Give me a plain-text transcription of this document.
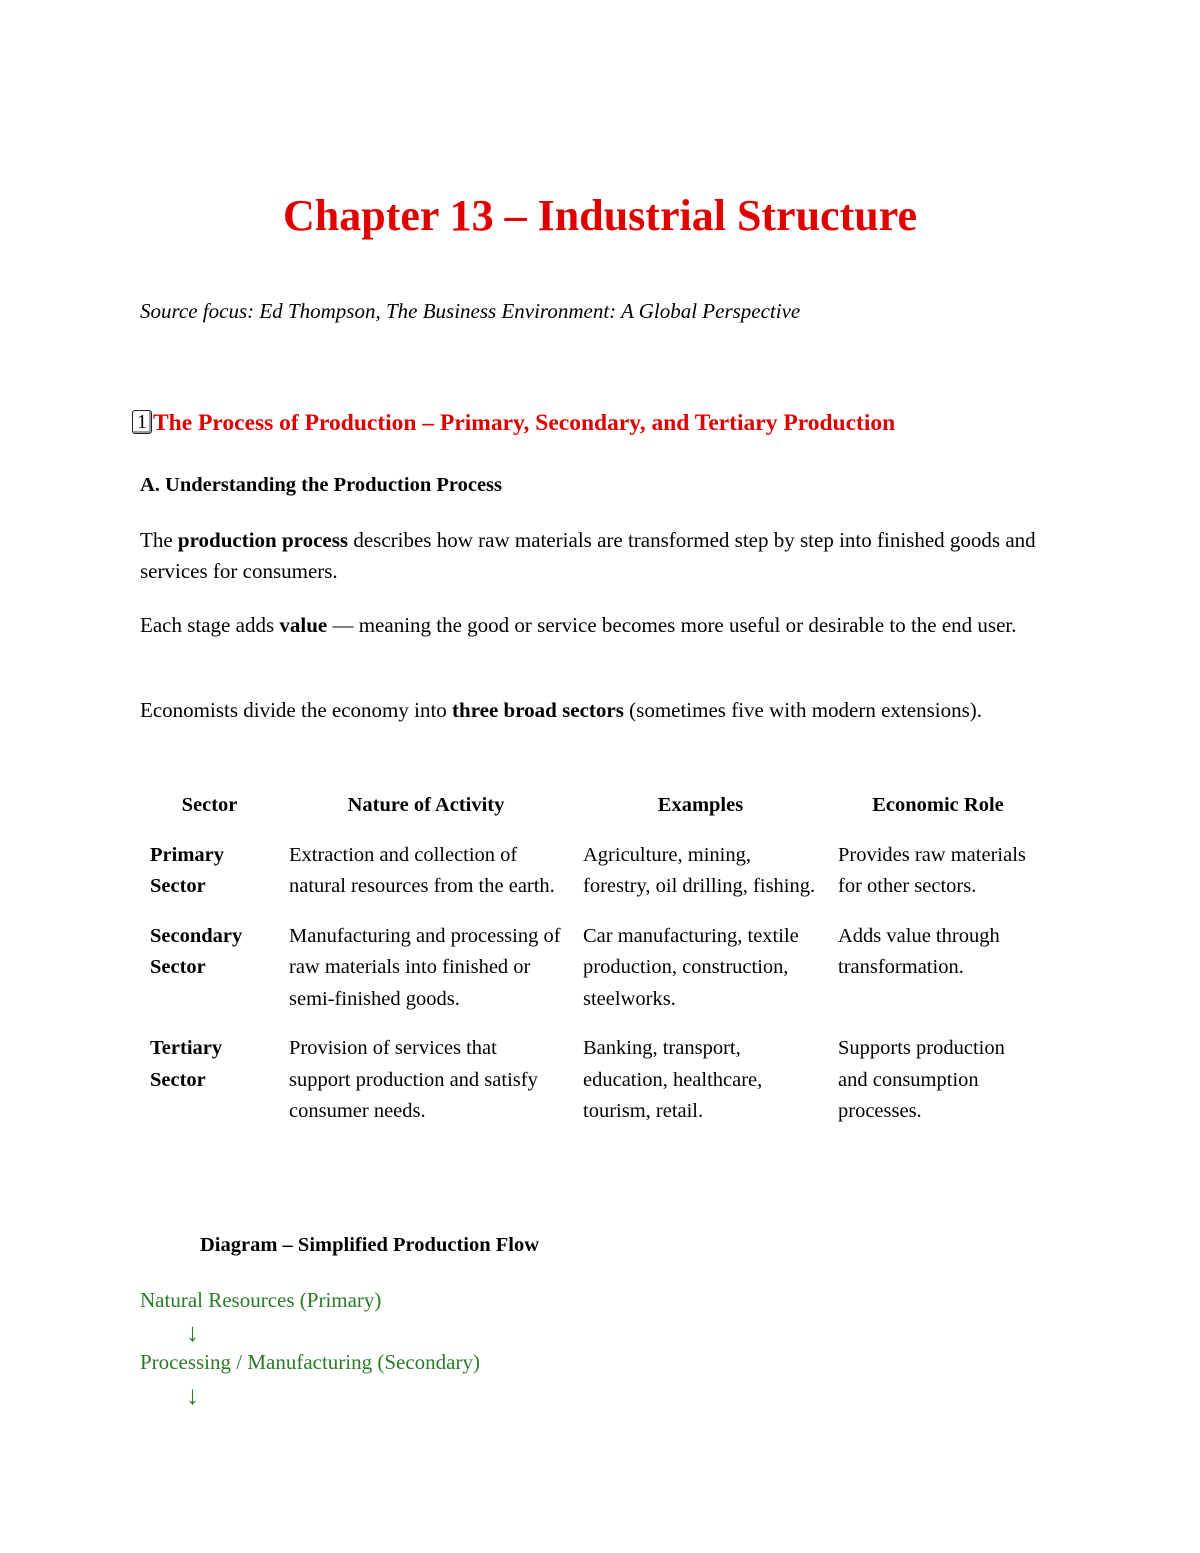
Chapter 13 – Industrial Structure

Source focus: Ed Thompson, The Business Environment: A Global Perspective

1 The Process of Production – Primary, Secondary, and Tertiary Production
A. Understanding the Production Process

The production process describes how raw materials are transformed step by step into finished goods and services for consumers.

Each stage adds value — meaning the good or service becomes more useful or desirable to the end user.

Economists divide the economy into three broad sectors (sometimes five with modern extensions).

Sector	Nature of Activity	Examples	Economic Role
Primary Sector	Extraction and collection of natural resources from the earth.	Agriculture, mining, forestry, oil drilling, fishing.	Provides raw materials for other sectors.
Secondary Sector	Manufacturing and processing of raw materials into finished or semi-finished goods.	Car manufacturing, textile production, construction, steelworks.	Adds value through transformation.
Tertiary Sector	Provision of services that support production and satisfy consumer needs.	Banking, transport, education, healthcare, tourism, retail.	Supports production and consumption processes.

Diagram – Simplified Production Flow

Natural Resources (Primary)

↓

Processing / Manufacturing (Secondary)

↓
